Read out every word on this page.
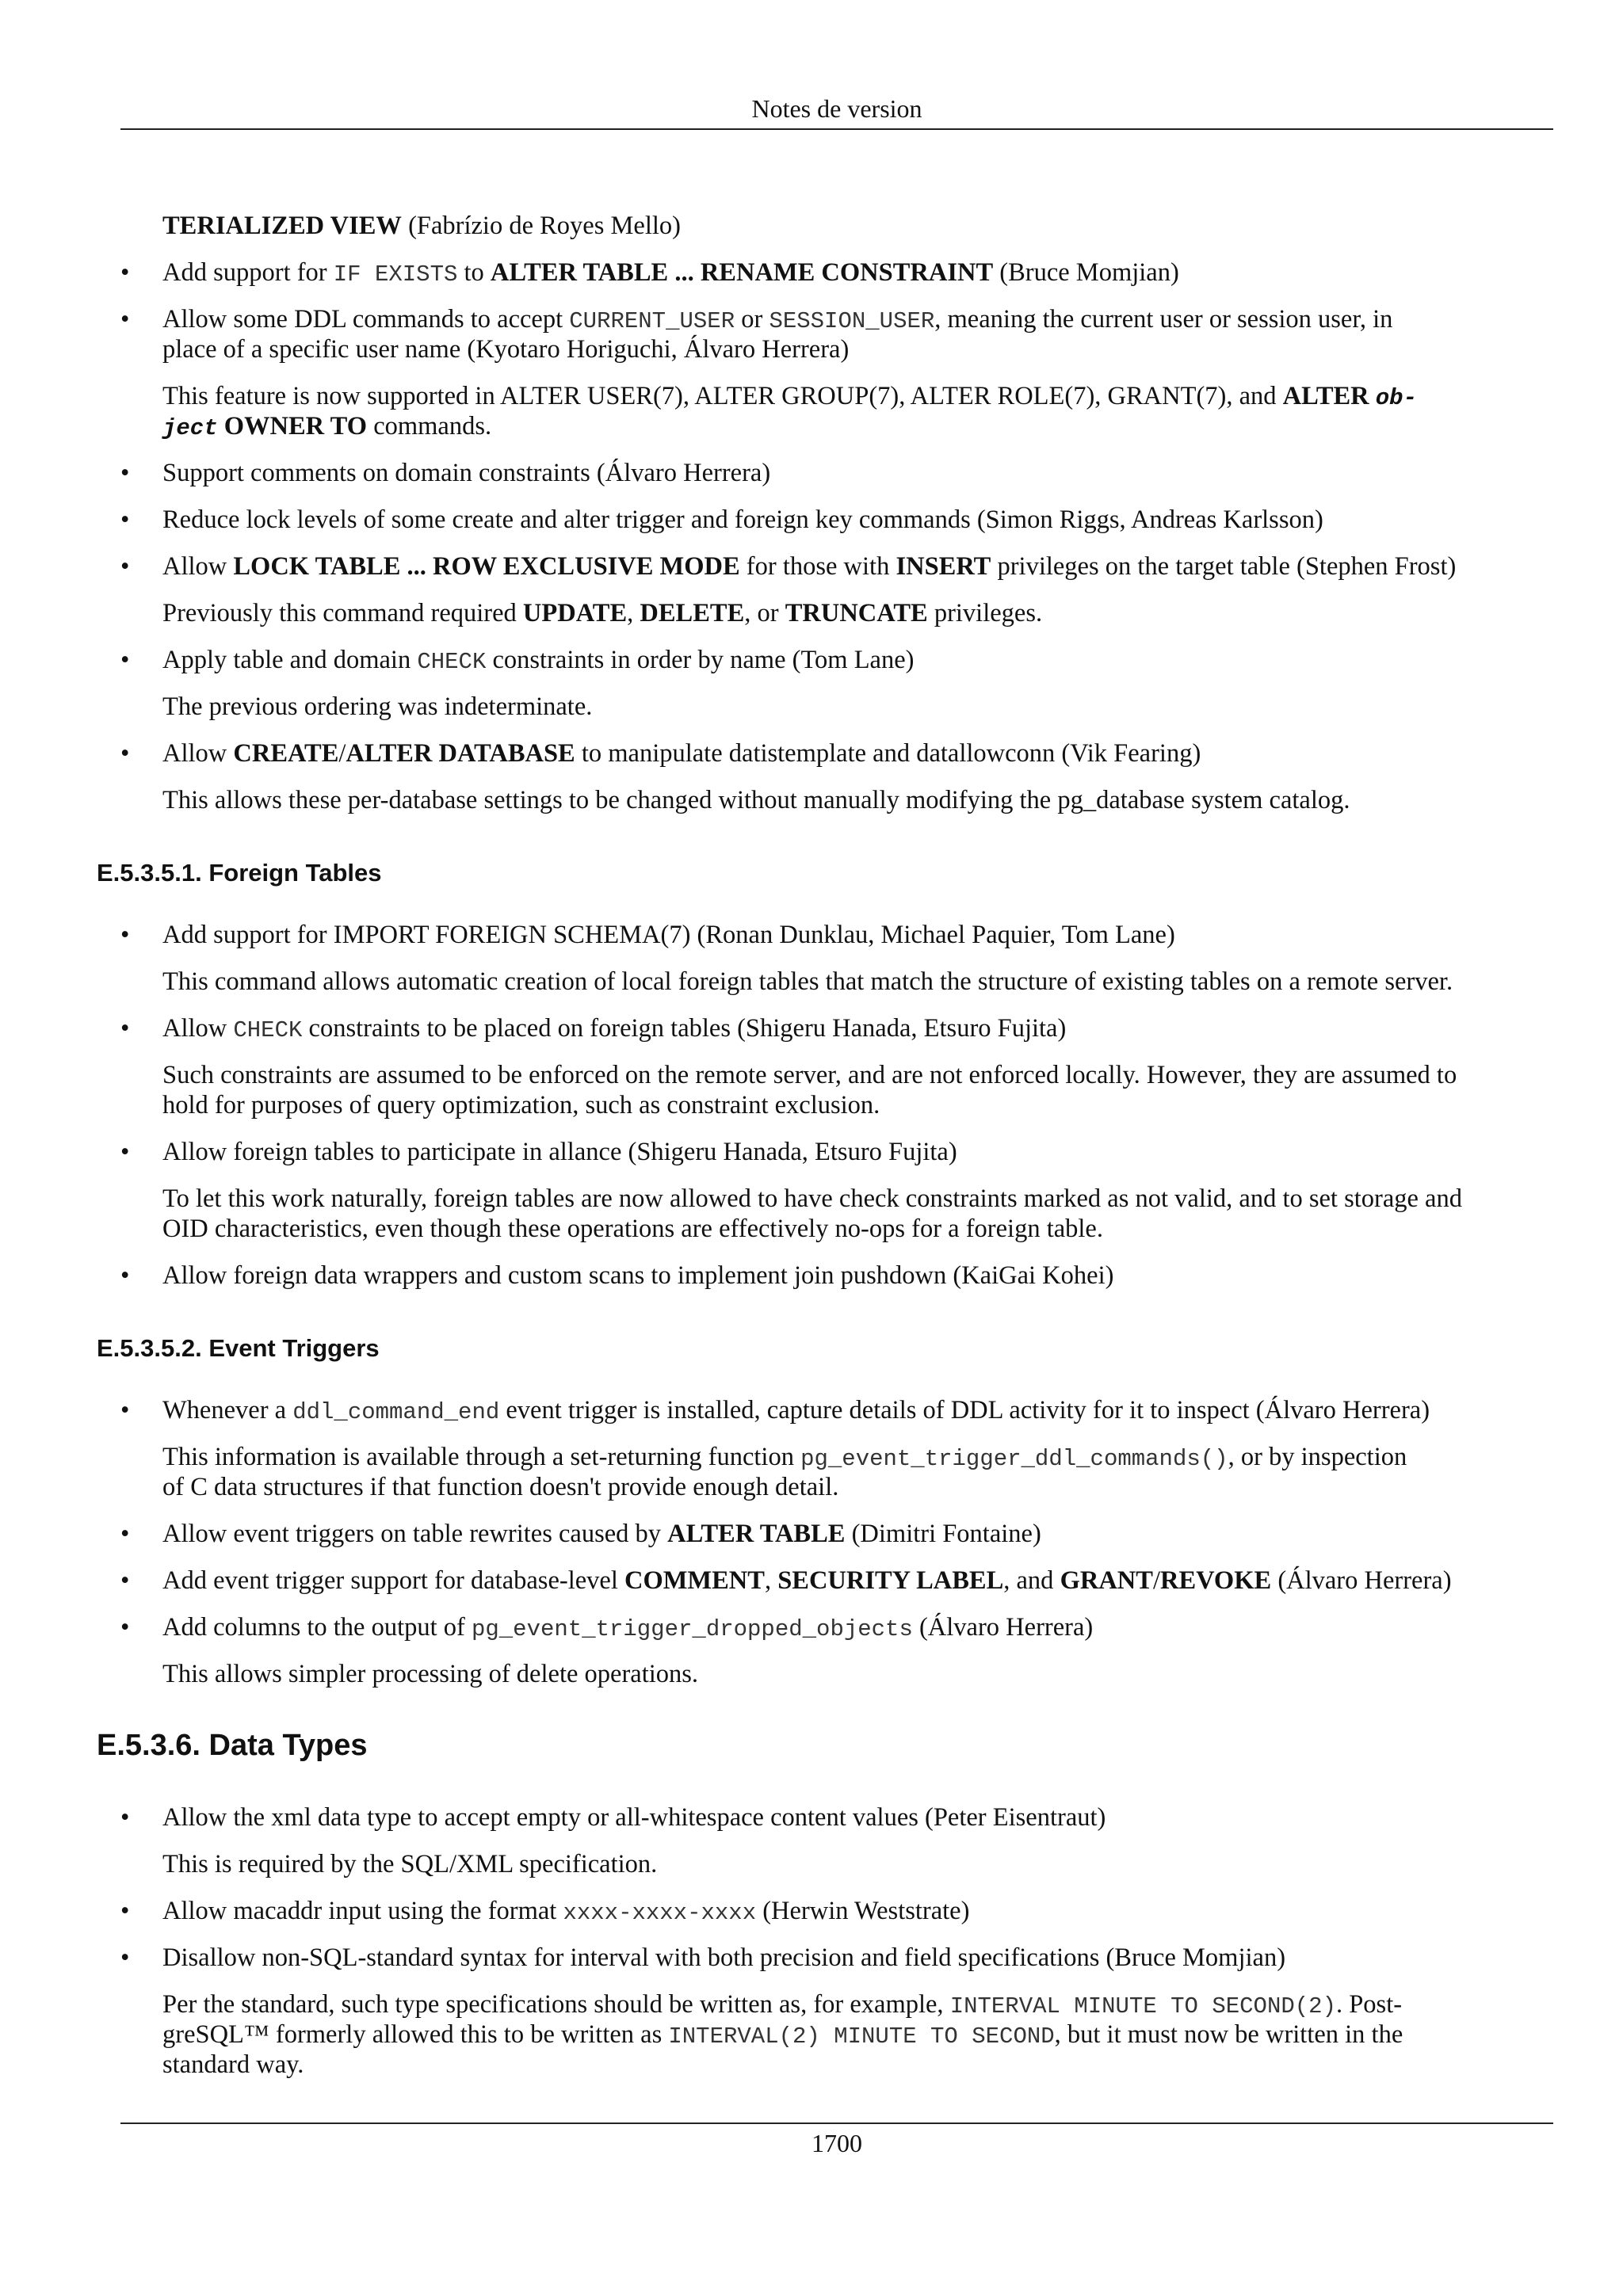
Notes de version
TERIALIZED VIEW (Fabrízio de Royes Mello)
• Add support for IF EXISTS to ALTER TABLE ... RENAME CONSTRAINT (Bruce Momjian)
• Allow some DDL commands to accept CURRENT_USER or SESSION_USER, meaning the current user or session user, in
place of a specific user name (Kyotaro Horiguchi, Álvaro Herrera)
This feature is now supported in ALTER USER(7), ALTER GROUP(7), ALTER ROLE(7), GRANT(7), and ALTER ob-
ject OWNER TO commands.
• Support comments on domain constraints (Álvaro Herrera)
• Reduce lock levels of some create and alter trigger and foreign key commands (Simon Riggs, Andreas Karlsson)
• Allow LOCK TABLE ... ROW EXCLUSIVE MODE for those with INSERT privileges on the target table (Stephen Frost)
Previously this command required UPDATE, DELETE, or TRUNCATE privileges.
• Apply table and domain CHECK constraints in order by name (Tom Lane)
The previous ordering was indeterminate.
• Allow CREATE/ALTER DATABASE to manipulate datistemplate and datallowconn (Vik Fearing)
This allows these per-database settings to be changed without manually modifying the pg_database system catalog.
E.5.3.5.1. Foreign Tables
• Add support for IMPORT FOREIGN SCHEMA(7) (Ronan Dunklau, Michael Paquier, Tom Lane)
This command allows automatic creation of local foreign tables that match the structure of existing tables on a remote server.
• Allow CHECK constraints to be placed on foreign tables (Shigeru Hanada, Etsuro Fujita)
Such constraints are assumed to be enforced on the remote server, and are not enforced locally. However, they are assumed to
hold for purposes of query optimization, such as constraint exclusion.
• Allow foreign tables to participate in allance (Shigeru Hanada, Etsuro Fujita)
To let this work naturally, foreign tables are now allowed to have check constraints marked as not valid, and to set storage and
OID characteristics, even though these operations are effectively no-ops for a foreign table.
• Allow foreign data wrappers and custom scans to implement join pushdown (KaiGai Kohei)
E.5.3.5.2. Event Triggers
• Whenever a ddl_command_end event trigger is installed, capture details of DDL activity for it to inspect (Álvaro Herrera)
This information is available through a set-returning function pg_event_trigger_ddl_commands(), or by inspection
of C data structures if that function doesn't provide enough detail.
• Allow event triggers on table rewrites caused by ALTER TABLE (Dimitri Fontaine)
• Add event trigger support for database-level COMMENT, SECURITY LABEL, and GRANT/REVOKE (Álvaro Herrera)
• Add columns to the output of pg_event_trigger_dropped_objects (Álvaro Herrera)
This allows simpler processing of delete operations.
E.5.3.6. Data Types
• Allow the xml data type to accept empty or all-whitespace content values (Peter Eisentraut)
This is required by the SQL/XML specification.
• Allow macaddr input using the format xxxx-xxxx-xxxx (Herwin Weststrate)
• Disallow non-SQL-standard syntax for interval with both precision and field specifications (Bruce Momjian)
Per the standard, such type specifications should be written as, for example, INTERVAL MINUTE TO SECOND(2). Post-
greSQL™ formerly allowed this to be written as INTERVAL(2) MINUTE TO SECOND, but it must now be written in the
standard way.
1700
